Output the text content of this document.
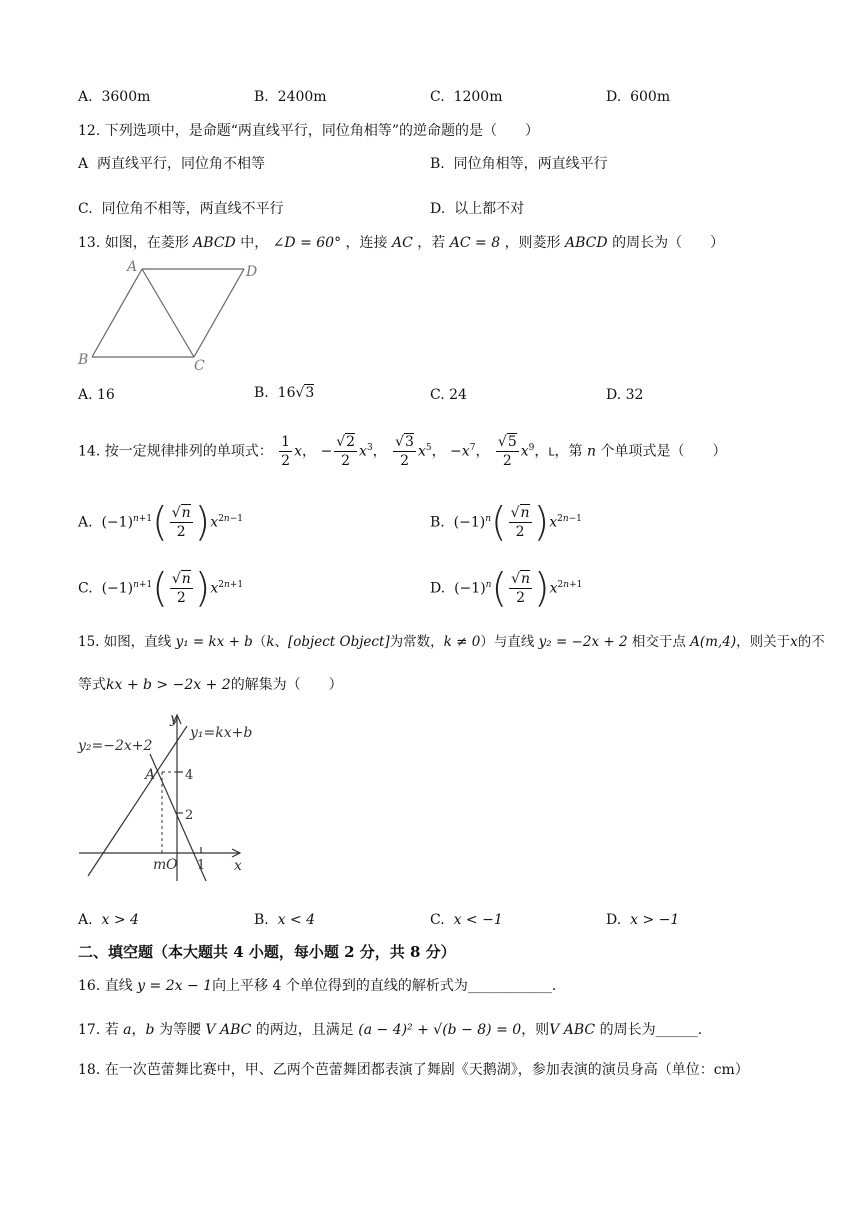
A. 3600m	B. 2400m	C. 1200m	D. 600m
12. 下列选项中，是命题“两直线平行，同位角相等”的逆命题的是（　　）
A 两直线平行，同位角不相等	B. 同位角相等，两直线平行
C. 同位角不相等，两直线不平行	D. 以上都不对
13. 如图，在菱形 ABCD 中， ∠D = 60° ，连接 AC ，若 AC = 8 ，则菱形 ABCD 的周长为（　　）
A	D
B	C
A. 16	B. 16√3	C. 24	D. 32
14. 按一定规律排列的单项式： $\frac{1}{2}$ x， − $\frac{√2}{2} x^3$， $\frac{√3}{2} x^5$， $-x^7$， $\frac{√5}{2} x^9$，L，第 n 个单项式是（　　）
A.  $(-1)^{n+1}( \frac{√n}{2} )x^{2n-1}$	B.  $(-1)^n( \frac{√n}{2} )x^{2n-1}$
C.  $(-1)^{n+1}( \frac{√n}{2} )x^{2n+1}$	D.  $(-1)^n( \frac{√n}{2} )x^{2n+1}$
15. 如图，直线 y₁ = kx + b（k、[object Object]为常数，k ≠ 0）与直线 y₂ = −2x + 2 相交于点 A(m,4)，则关于x的不
等式kx + b > −2x + 2的解集为（　　）
y
x
y₁=kx+b
y₂=−2x+2
A 4
2
m O 1
A. x > 4	B. x < 4	C. x < −1	D. x > −1
二、填空题（本大题共 4 小题，每小题 2 分，共 8 分）
16. 直线 y = 2x − 1向上平移 4 个单位得到的直线的解析式为____________.
17. 若 a，b 为等腰 V ABC 的两边，且满足 (a − 4)² + √(b − 8) = 0，则V ABC 的周长为______.
18. 在一次芭蕾舞比赛中，甲、乙两个芭蕾舞团都表演了舞剧《天鹅湖》，参加表演的演员身高（单位：cm）
